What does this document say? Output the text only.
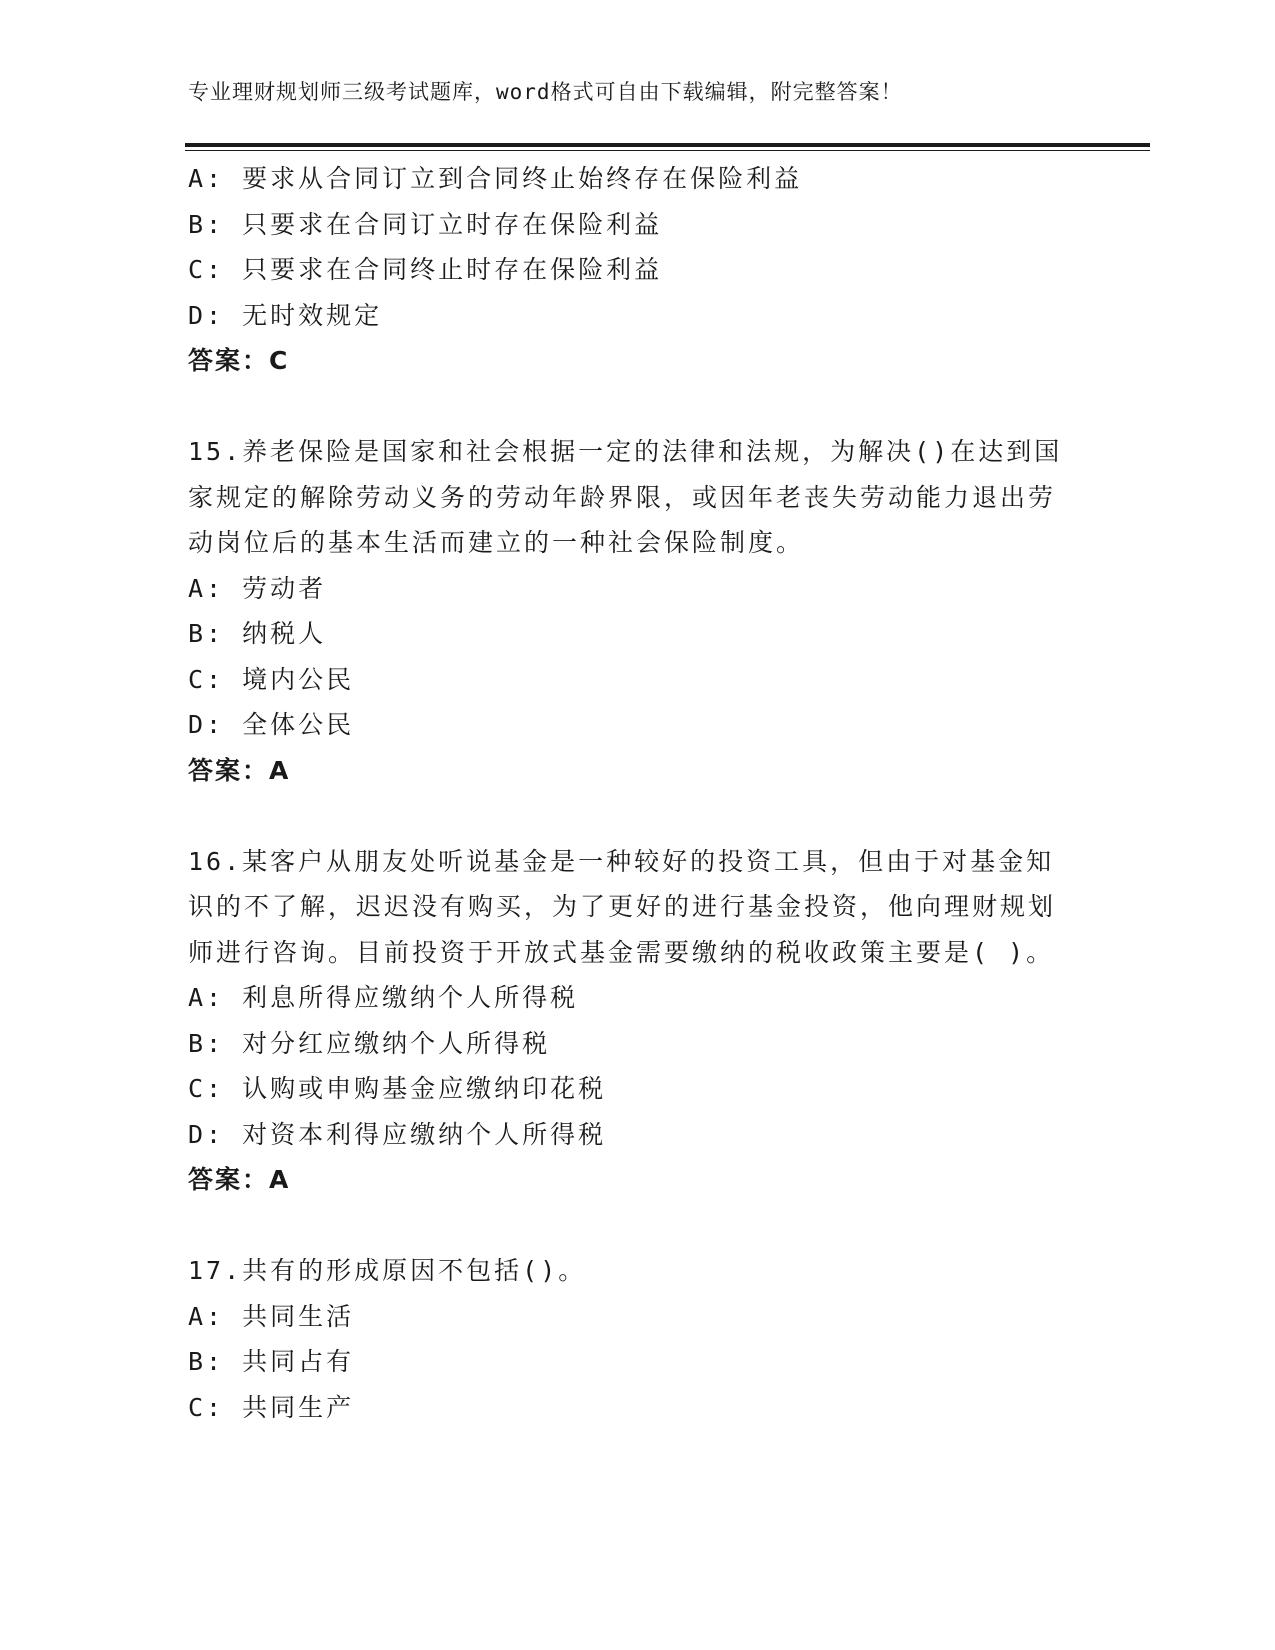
专业理财规划师三级考试题库，word格式可自由下载编辑，附完整答案！
A: 要求从合同订立到合同终止始终存在保险利益
B: 只要求在合同订立时存在保险利益
C: 只要求在合同终止时存在保险利益
D: 无时效规定
答案：C
15.养老保险是国家和社会根据一定的法律和法规，为解决()在达到国家规定的解除劳动义务的劳动年龄界限，或因年老丧失劳动能力退出劳动岗位后的基本生活而建立的一种社会保险制度。
A: 劳动者
B: 纳税人
C: 境内公民
D: 全体公民
答案：A
16.某客户从朋友处听说基金是一种较好的投资工具，但由于对基金知识的不了解，迟迟没有购买，为了更好的进行基金投资，他向理财规划师进行咨询。目前投资于开放式基金需要缴纳的税收政策主要是( )。
A: 利息所得应缴纳个人所得税
B: 对分红应缴纳个人所得税
C: 认购或申购基金应缴纳印花税
D: 对资本利得应缴纳个人所得税
答案：A
17.共有的形成原因不包括()。
A: 共同生活
B: 共同占有
C: 共同生产
